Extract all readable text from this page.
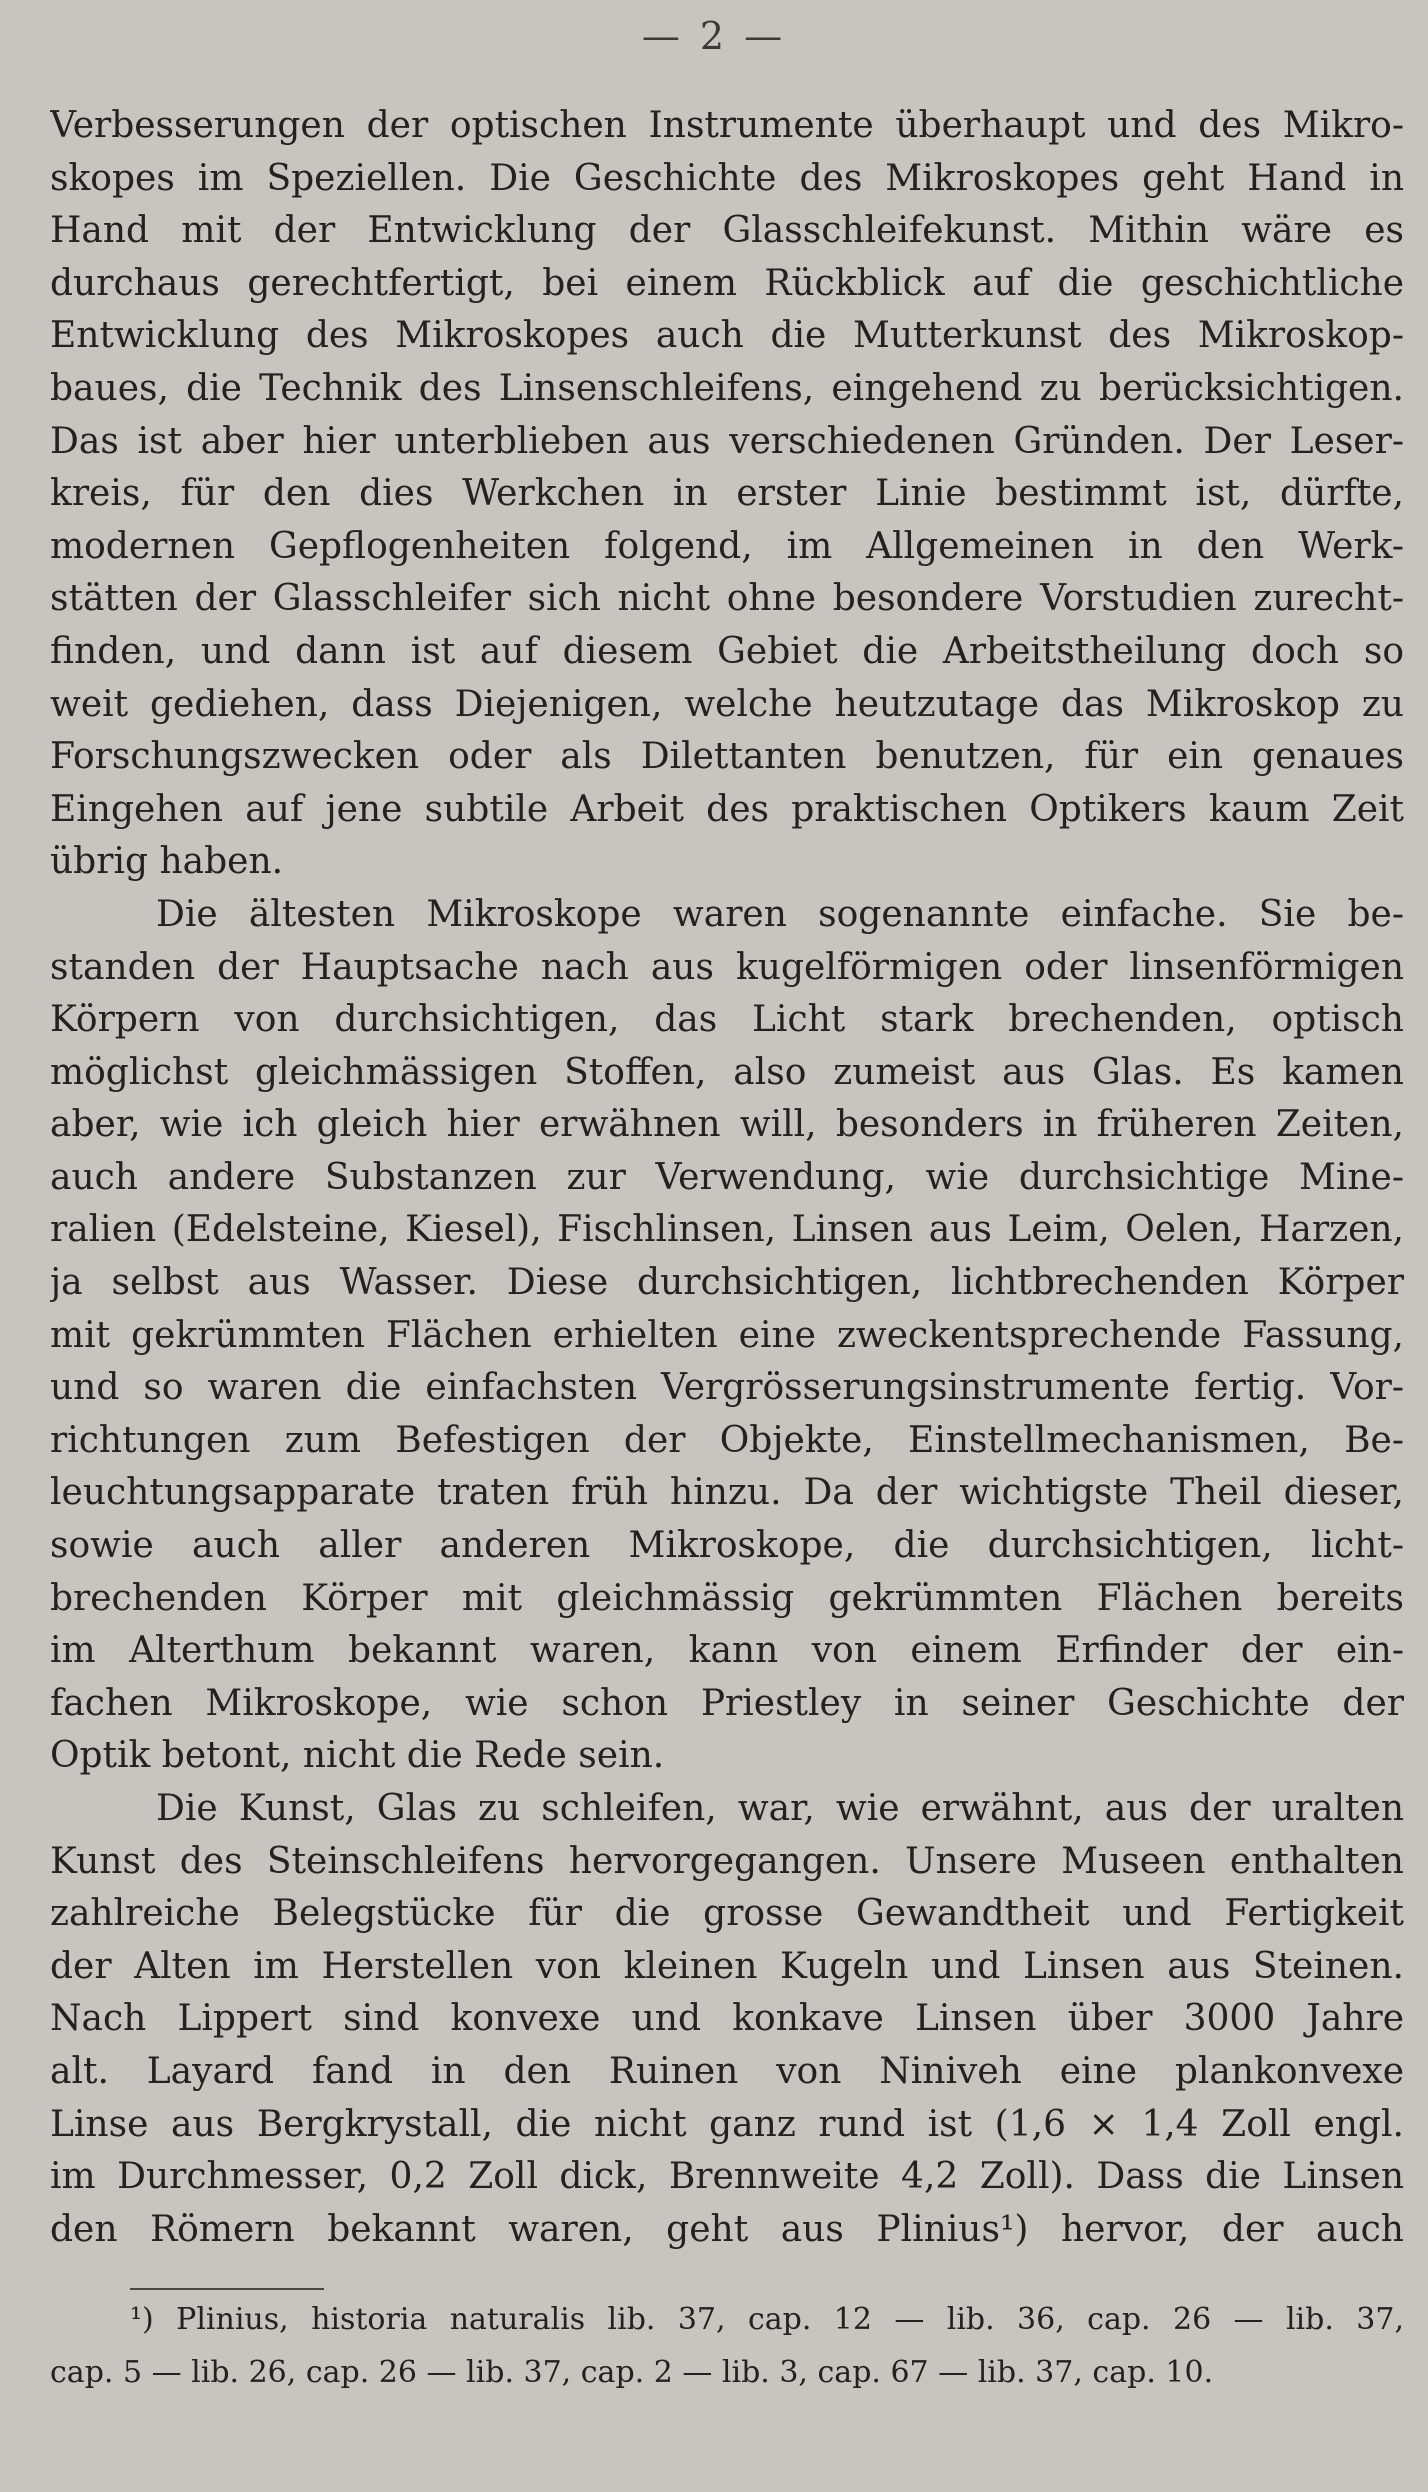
— 2 —
Verbesserungen der optischen Instrumente überhaupt und des Mikro-
skopes im Speziellen. Die Geschichte des Mikroskopes geht Hand in
Hand mit der Entwicklung der Glasschleifekunst. Mithin wäre es
durchaus gerechtfertigt, bei einem Rückblick auf die geschichtliche
Entwicklung des Mikroskopes auch die Mutterkunst des Mikroskop-
baues, die Technik des Linsenschleifens, eingehend zu berücksichtigen.
Das ist aber hier unterblieben aus verschiedenen Gründen. Der Leser-
kreis, für den dies Werkchen in erster Linie bestimmt ist, dürfte,
modernen Gepflogenheiten folgend, im Allgemeinen in den Werk-
stätten der Glasschleifer sich nicht ohne besondere Vorstudien zurecht-
finden, und dann ist auf diesem Gebiet die Arbeitstheilung doch so
weit gediehen, dass Diejenigen, welche heutzutage das Mikroskop zu
Forschungszwecken oder als Dilettanten benutzen, für ein genaues
Eingehen auf jene subtile Arbeit des praktischen Optikers kaum Zeit
übrig haben.
Die ältesten Mikroskope waren sogenannte einfache. Sie be-
standen der Hauptsache nach aus kugelförmigen oder linsenförmigen
Körpern von durchsichtigen, das Licht stark brechenden, optisch
möglichst gleichmässigen Stoffen, also zumeist aus Glas. Es kamen
aber, wie ich gleich hier erwähnen will, besonders in früheren Zeiten,
auch andere Substanzen zur Verwendung, wie durchsichtige Mine-
ralien (Edelsteine, Kiesel), Fischlinsen, Linsen aus Leim, Oelen, Harzen,
ja selbst aus Wasser. Diese durchsichtigen, lichtbrechenden Körper
mit gekrümmten Flächen erhielten eine zweckentsprechende Fassung,
und so waren die einfachsten Vergrösserungsinstrumente fertig. Vor-
richtungen zum Befestigen der Objekte, Einstellmechanismen, Be-
leuchtungsapparate traten früh hinzu. Da der wichtigste Theil dieser,
sowie auch aller anderen Mikroskope, die durchsichtigen, licht-
brechenden Körper mit gleichmässig gekrümmten Flächen bereits
im Alterthum bekannt waren, kann von einem Erfinder der ein-
fachen Mikroskope, wie schon Priestley in seiner Geschichte der
Optik betont, nicht die Rede sein.
Die Kunst, Glas zu schleifen, war, wie erwähnt, aus der uralten
Kunst des Steinschleifens hervorgegangen. Unsere Museen enthalten
zahlreiche Belegstücke für die grosse Gewandtheit und Fertigkeit
der Alten im Herstellen von kleinen Kugeln und Linsen aus Steinen.
Nach Lippert sind konvexe und konkave Linsen über 3000 Jahre
alt. Layard fand in den Ruinen von Niniveh eine plankonvexe
Linse aus Bergkrystall, die nicht ganz rund ist (1,6 × 1,4 Zoll engl.
im Durchmesser, 0,2 Zoll dick, Brennweite 4,2 Zoll). Dass die Linsen
den Römern bekannt waren, geht aus Plinius¹) hervor, der auch
¹) Plinius, historia naturalis lib. 37, cap. 12 — lib. 36, cap. 26 — lib. 37,
cap. 5 — lib. 26, cap. 26 — lib. 37, cap. 2 — lib. 3, cap. 67 — lib. 37, cap. 10.
